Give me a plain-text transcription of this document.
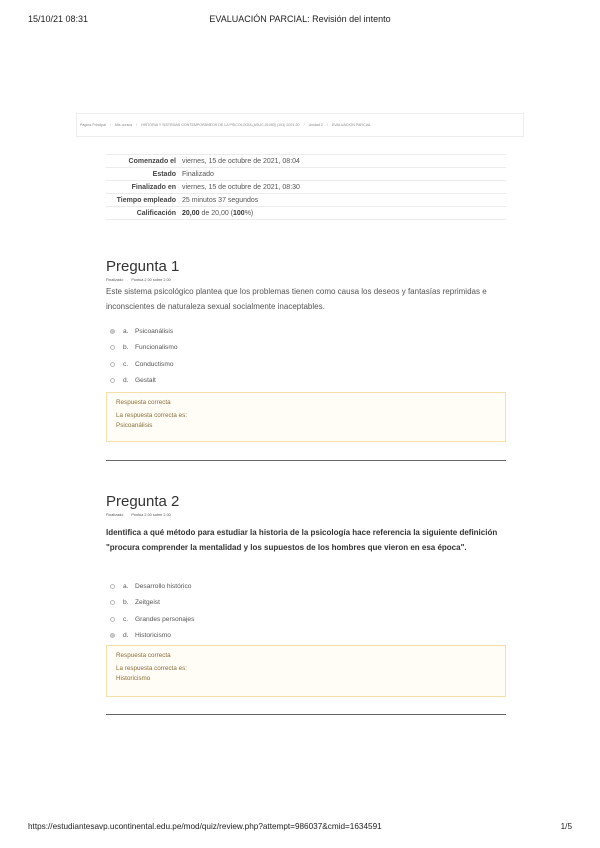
EVALUACIÓN PARCIAL: Revisión del intento
15/10/21 08:31
Página Principal / Mis cursos / HISTORIA Y SISTEMAS CONTEMPORÁNEOS DE LA PSICOLOGÍA (ASUC-01090) (103) 2021-20 / Unidad 2 / EVALUACIÓN PARCIAL
Comenzado el viernes, 15 de octubre de 2021, 08:04
Estado Finalizado
Finalizado en viernes, 15 de octubre de 2021, 08:30
Tiempo empleado 25 minutos 37 segundos
Calificación 20,00 de 20,00 (100%)
Pregunta 1
Finalizado Puntúa 2,00 sobre 2,00
Este sistema psicológico plantea que los problemas tienen como causa los deseos y fantasías reprimidas e inconscientes de naturaleza sexual socialmente inaceptables.
a. Psicoanálisis
b. Funcionalismo
c.	Conductismo
d. Gestalt
Respuesta correcta
La respuesta correcta es:
Psicoanálisis
Pregunta 2
Finalizado Puntúa 2,00 sobre 2,00
Identifica a qué método para estudiar la historia de la psicología hace referencia la siguiente definición "procura comprender la mentalidad y los supuestos de los hombres que vieron en esa época".
a. Desarrollo histórico
b. Zeitgeist
c.	Grandes personajes
d. Historicismo
Respuesta correcta
La respuesta correcta es:
Historicismo
https://estudiantesavp.ucontinental.edu.pe/mod/quiz/review.php?attempt=986037&cmid=1634591	1/5
